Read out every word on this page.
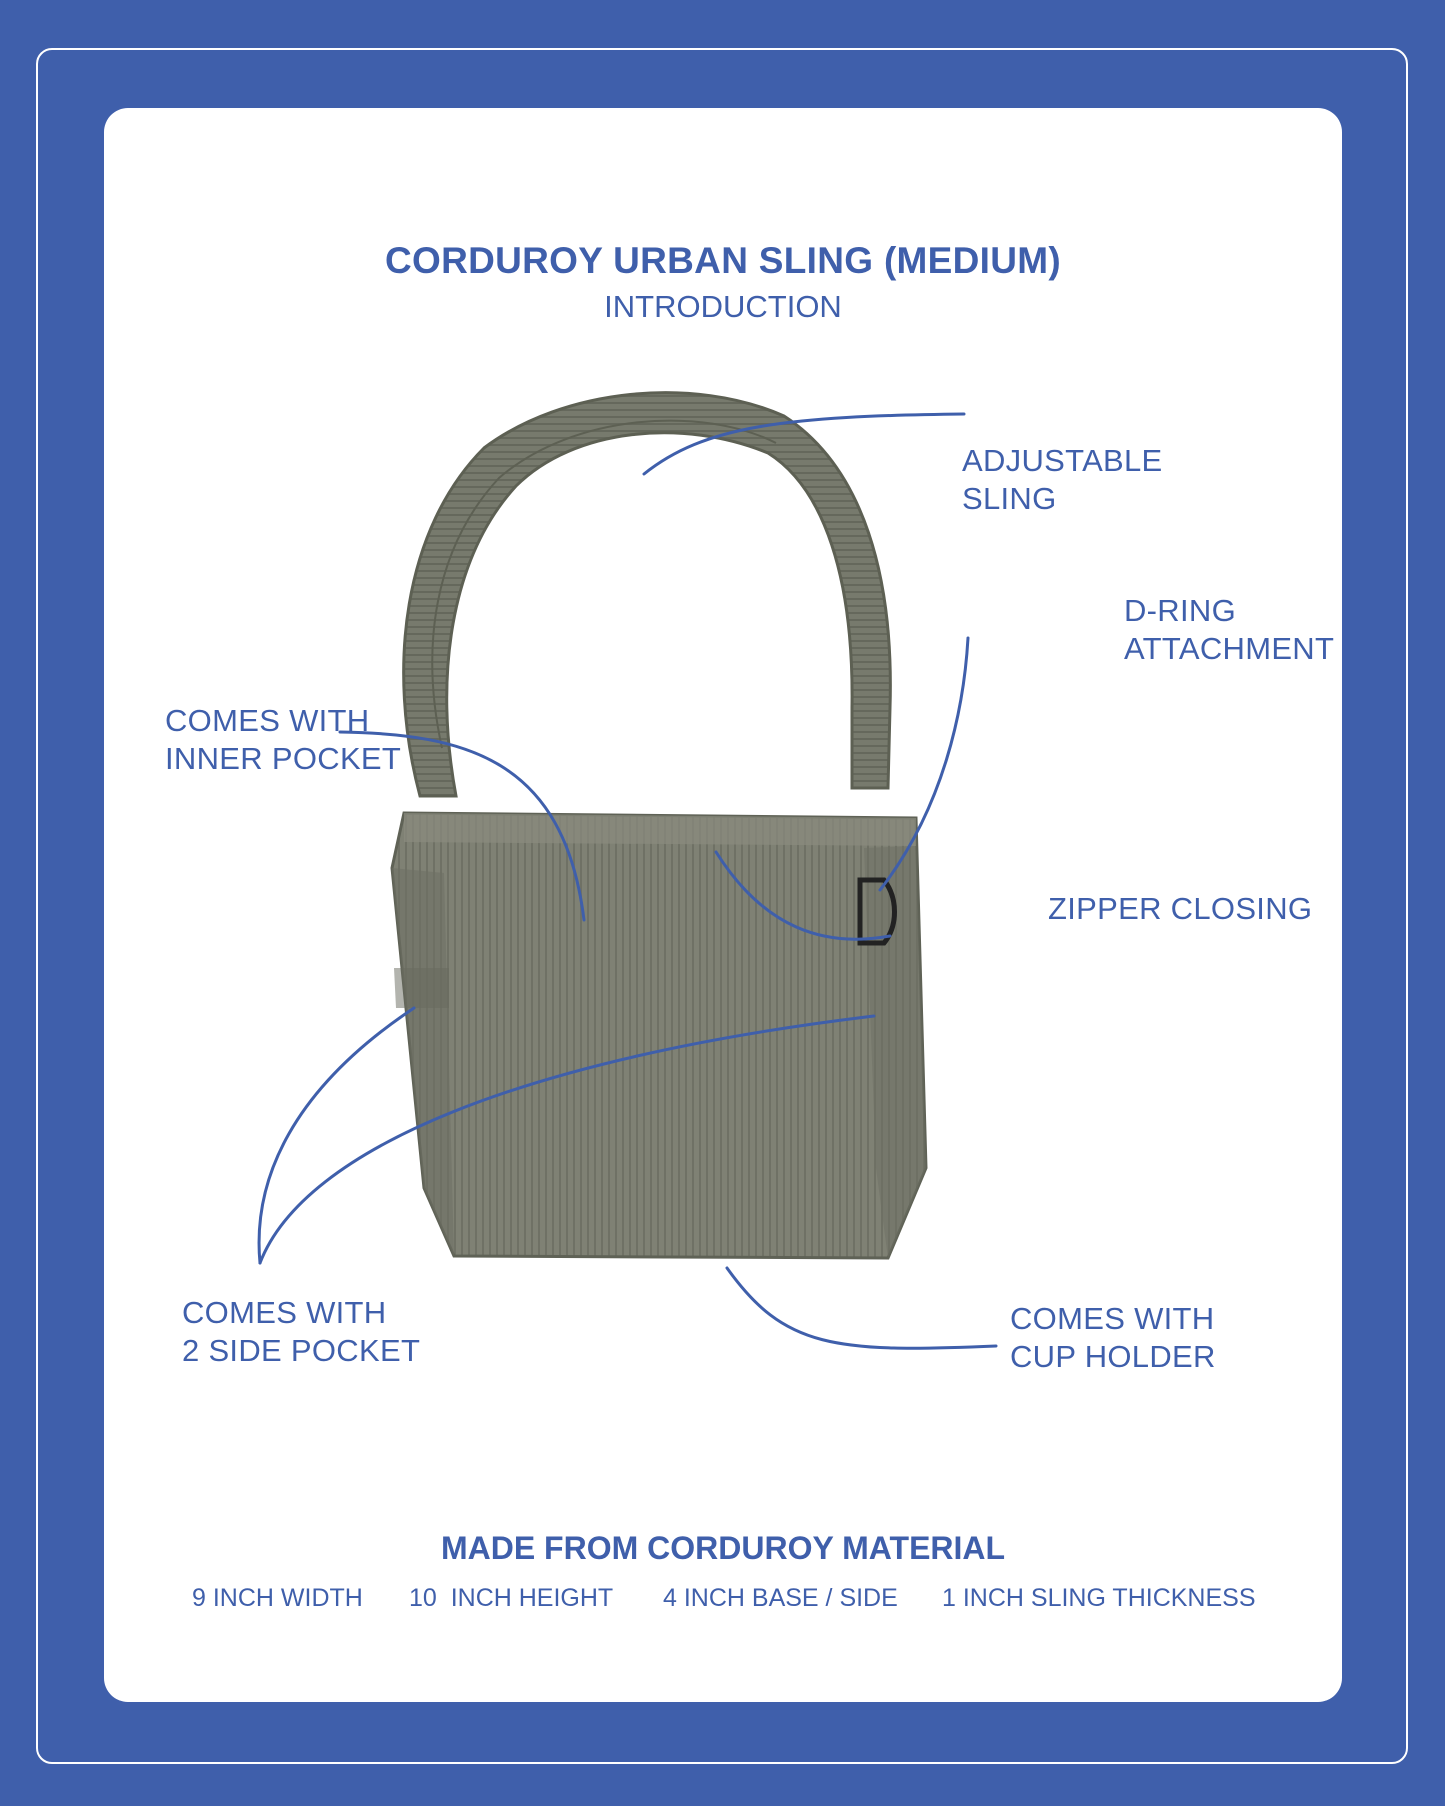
CORDUROY URBAN SLING (MEDIUM)

INTRODUCTION

ADJUSTABLE
SLING

D-RING
ATTACHMENT

COMES WITH
INNER POCKET

ZIPPER CLOSING

COMES WITH
2 SIDE POCKET

COMES WITH
CUP HOLDER

MADE FROM CORDUROY MATERIAL

9 INCH WIDTH 10  INCH HEIGHT 4 INCH BASE / SIDE 1 INCH SLING THICKNESS
